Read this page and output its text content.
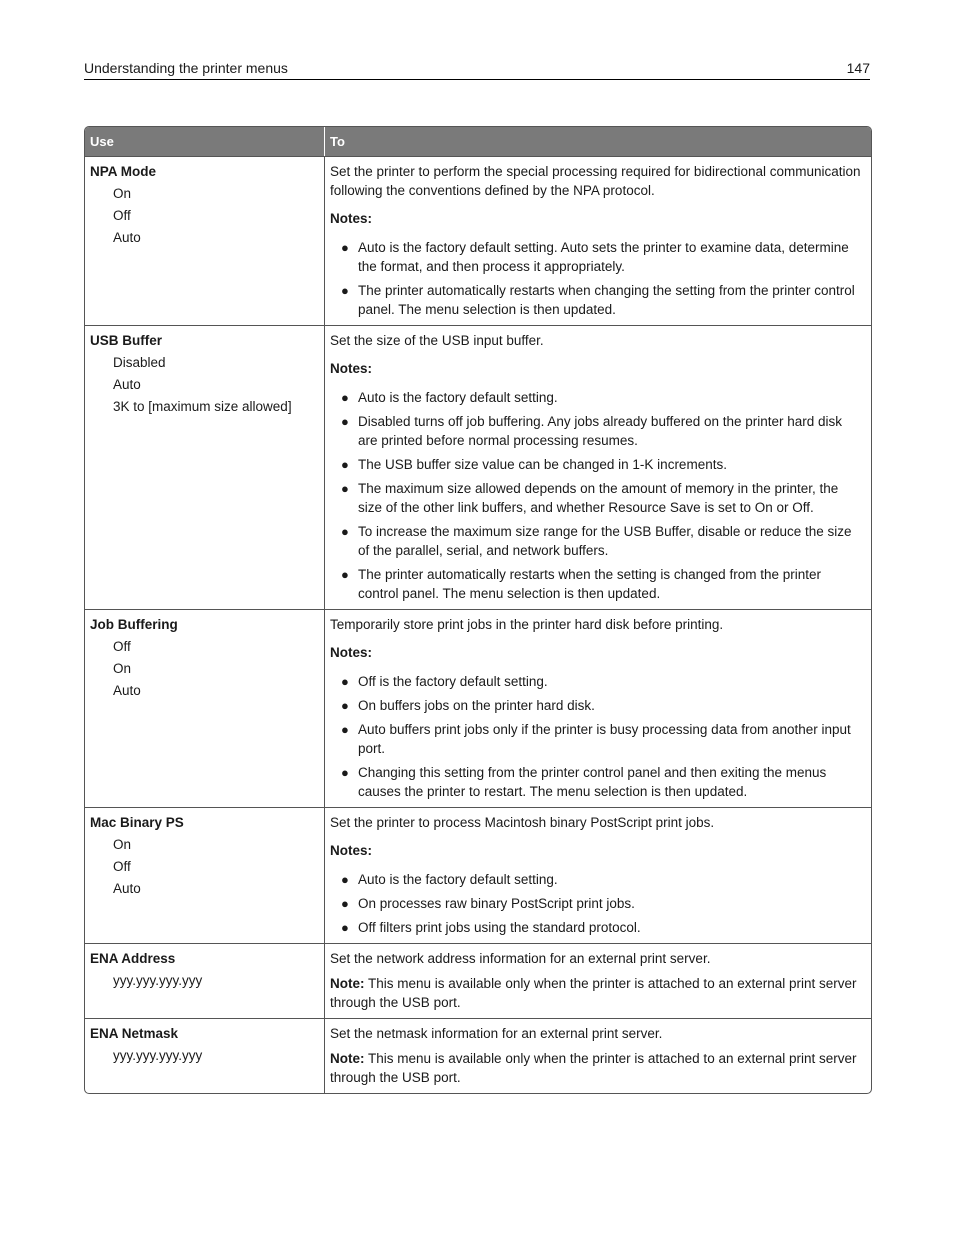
Understanding the printer menus	147
Use	To
NPA Mode
On
Off
Auto

Set the printer to perform the special processing required for bidirectional communication following the conventions defined by the NPA protocol.

Notes:

● Auto is the factory default setting. Auto sets the printer to examine data, determine the format, and then process it appropriately.
● The printer automatically restarts when changing the setting from the printer control panel. The menu selection is then updated.
USB Buffer
Disabled
Auto
3K to [maximum size allowed]

Set the size of the USB input buffer.

Notes:

● Auto is the factory default setting.
● Disabled turns off job buffering. Any jobs already buffered on the printer hard disk are printed before normal processing resumes.
● The USB buffer size value can be changed in 1-K increments.
● The maximum size allowed depends on the amount of memory in the printer, the size of the other link buffers, and whether Resource Save is set to On or Off.
● To increase the maximum size range for the USB Buffer, disable or reduce the size of the parallel, serial, and network buffers.
● The printer automatically restarts when the setting is changed from the printer control panel. The menu selection is then updated.
Job Buffering
Off
On
Auto

Temporarily store print jobs in the printer hard disk before printing.

Notes:

● Off is the factory default setting.
● On buffers jobs on the printer hard disk.
● Auto buffers print jobs only if the printer is busy processing data from another input port.
● Changing this setting from the printer control panel and then exiting the menus causes the printer to restart. The menu selection is then updated.
Mac Binary PS
On
Off
Auto

Set the printer to process Macintosh binary PostScript print jobs.

Notes:

● Auto is the factory default setting.
● On processes raw binary PostScript print jobs.
● Off filters print jobs using the standard protocol.
ENA Address
yyy.yyy.yyy.yyy

Set the network address information for an external print server.

Note: This menu is available only when the printer is attached to an external print server through the USB port.

ENA Netmask
yyy.yyy.yyy.yyy

Set the netmask information for an external print server.

Note: This menu is available only when the printer is attached to an external print server through the USB port.
